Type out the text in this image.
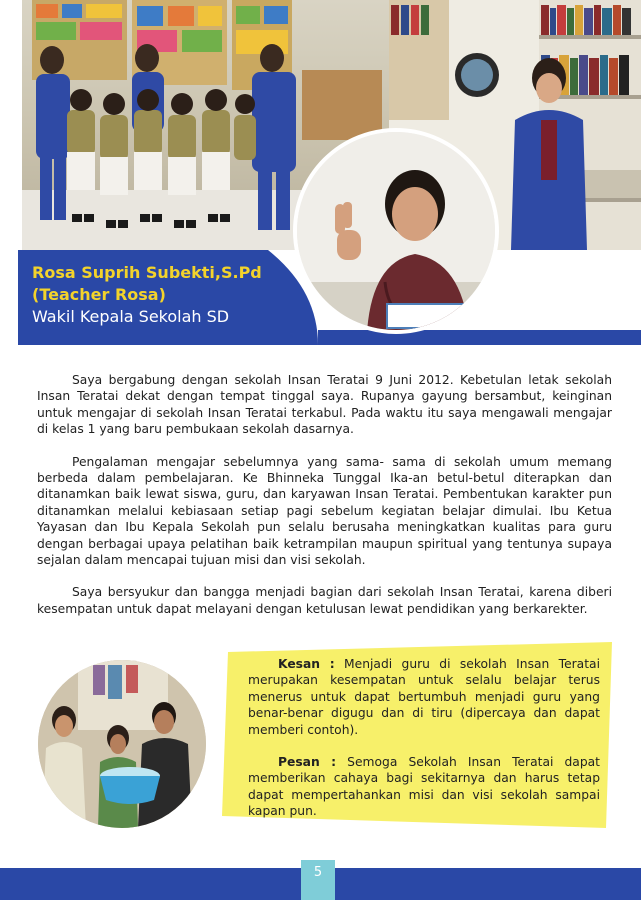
Rosa Suprih Subekti,S.Pd
(Teacher Rosa)
Wakil Kepala Sekolah SD

Saya bergabung dengan sekolah Insan Teratai 9 Juni 2012. Kebetulan letak sekolah Insan Teratai dekat dengan tempat tinggal saya. Rupanya gayung bersambut, keinginan untuk mengajar di sekolah Insan Teratai terkabul. Pada waktu itu saya mengawali mengajar di kelas 1 yang baru pembukaan sekolah dasarnya.

Pengalaman mengajar sebelumnya yang sama- sama di sekolah umum memang berbeda dalam pembelajaran. Ke Bhinneka Tunggal Ika-an betul-betul diterapkan dan ditanamkan baik lewat siswa, guru, dan karyawan Insan Teratai. Pembentukan karakter pun ditanamkan melalui kebiasaan setiap pagi sebelum kegiatan belajar dimulai. Ibu Ketua Yayasan dan Ibu Kepala Sekolah pun selalu berusaha meningkatkan kualitas para guru dengan berbagai upaya pelatihan baik ketrampilan maupun spiritual yang tentunya supaya sejalan dalam mencapai tujuan misi dan visi sekolah.

Saya bersyukur dan bangga menjadi bagian dari sekolah Insan Teratai, karena diberi kesempatan untuk dapat melayani dengan ketulusan lewat pendidikan yang berkarekter.

Kesan : Menjadi guru di sekolah Insan Teratai merupakan kesempatan untuk selalu belajar terus menerus untuk dapat bertumbuh menjadi guru yang benar-benar digugu dan di tiru (dipercaya dan dapat memberi contoh).

Pesan : Semoga Sekolah Insan Teratai dapat memberikan cahaya bagi sekitarnya dan harus tetap dapat mempertahankan misi dan visi sekolah sampai kapan pun.

5
